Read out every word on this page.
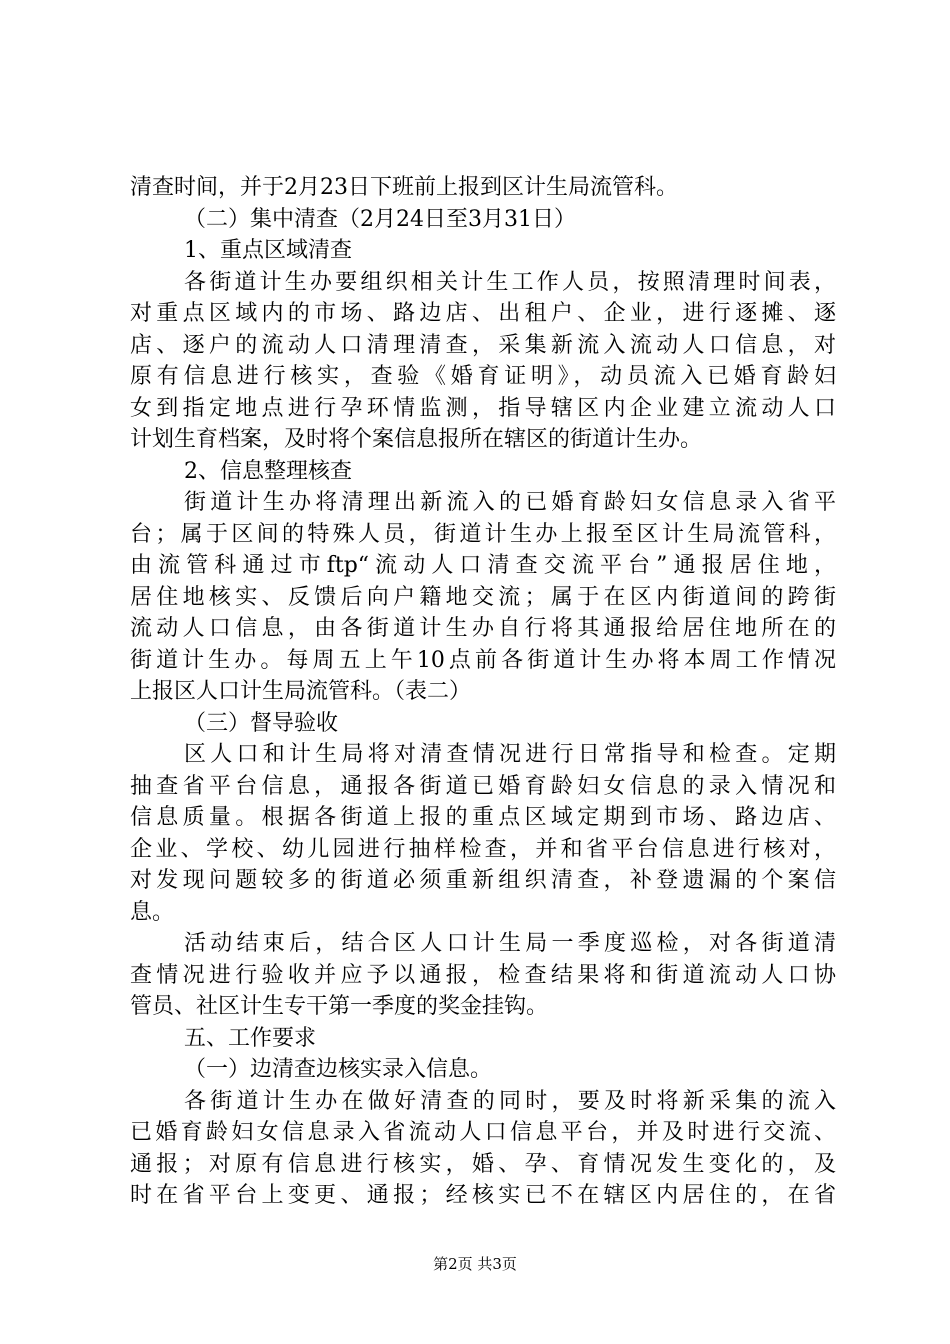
清查时间，并于2月23日下班前上报到区计生局流管科。
（二）集中清查（2月24日至3月31日）
1、重点区域清查
各街道计生办要组织相关计生工作人员，按照清理时间表，
对重点区域内的市场、路边店、出租户、企业，进行逐摊、逐
店、逐户的流动人口清理清查，采集新流入流动人口信息，对
原有信息进行核实，查验《婚育证明》，动员流入已婚育龄妇
女到指定地点进行孕环情监测，指导辖区内企业建立流动人口
计划生育档案，及时将个案信息报所在辖区的街道计生办。
2、信息整理核查
街道计生办将清理出新流入的已婚育龄妇女信息录入省平
台；属于区间的特殊人员，街道计生办上报至区计生局流管科，
由流管科通过市ftp“流动人口清查交流平台”通报居住地，
居住地核实、反馈后向户籍地交流；属于在区内街道间的跨街
流动人口信息，由各街道计生办自行将其通报给居住地所在的
街道计生办。每周五上午10点前各街道计生办将本周工作情况
上报区人口计生局流管科。（表二）
（三）督导验收
区人口和计生局将对清查情况进行日常指导和检查。定期
抽查省平台信息，通报各街道已婚育龄妇女信息的录入情况和
信息质量。根据各街道上报的重点区域定期到市场、路边店、
企业、学校、幼儿园进行抽样检查，并和省平台信息进行核对，
对发现问题较多的街道必须重新组织清查，补登遗漏的个案信
息。
活动结束后，结合区人口计生局一季度巡检，对各街道清
查情况进行验收并应予以通报，检查结果将和街道流动人口协
管员、社区计生专干第一季度的奖金挂钩。
五、工作要求
（一）边清查边核实录入信息。
各街道计生办在做好清查的同时，要及时将新采集的流入
已婚育龄妇女信息录入省流动人口信息平台，并及时进行交流、
通报；对原有信息进行核实，婚、孕、育情况发生变化的，及
时在省平台上变更、通报；经核实已不在辖区内居住的，在省
第2页 共3页
